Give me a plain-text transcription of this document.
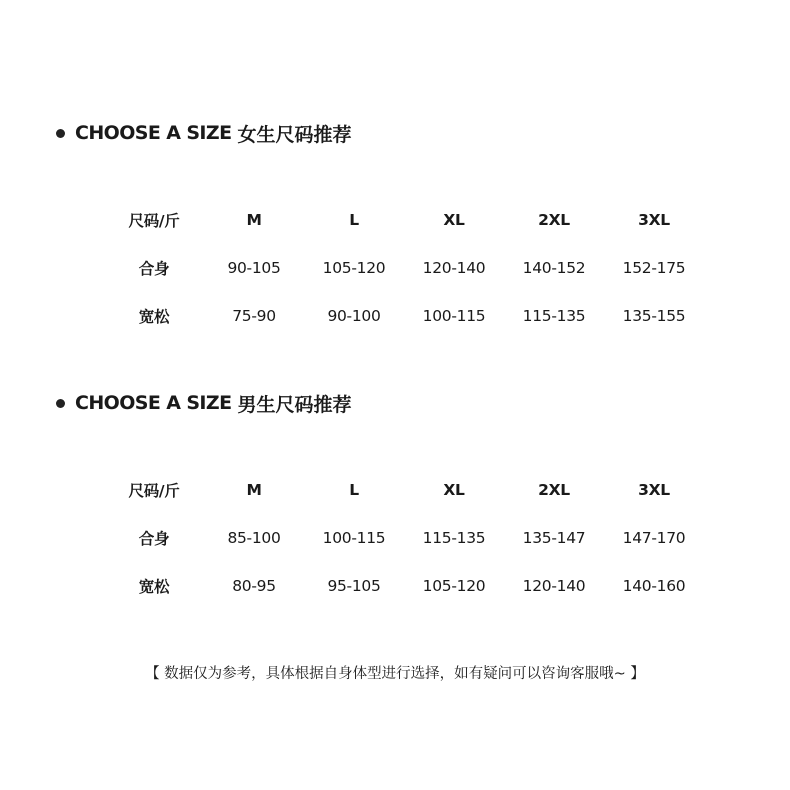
CHOOSE A SIZE 女生尺码推荐
尺码/斤	M	L	XL	2XL	3XL
合身	90-105	105-120	120-140	140-152	152-175
宽松	75-90	90-100	100-115	115-135	135-155
CHOOSE A SIZE 男生尺码推荐
尺码/斤	M	L	XL	2XL	3XL
合身	85-100	100-115	115-135	135-147	147-170
宽松	80-95	95-105	105-120	120-140	140-160
【 数据仅为参考，具体根据自身体型进行选择，如有疑问可以咨询客服哦~ 】
